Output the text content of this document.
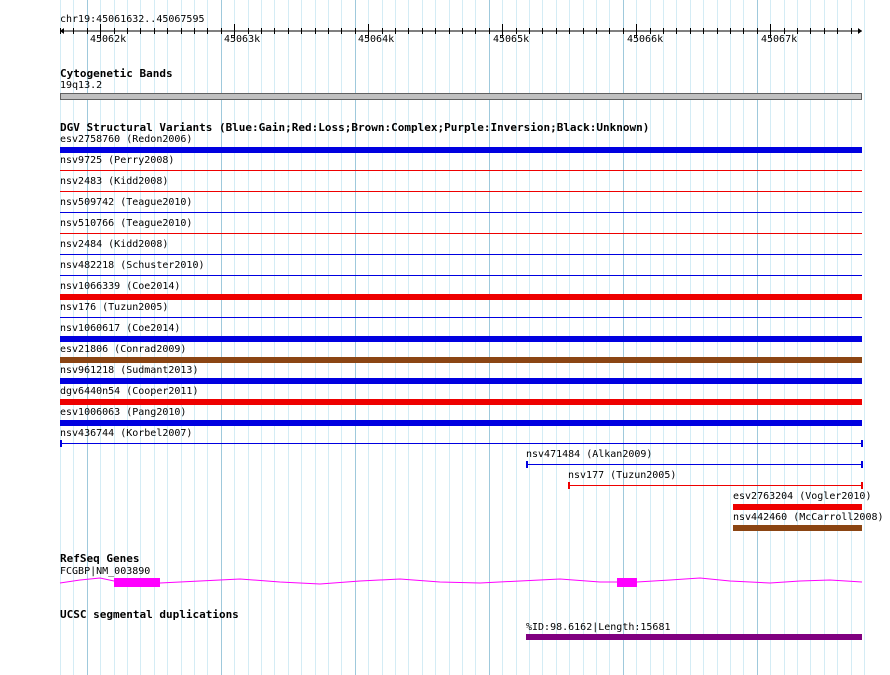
chr19:45061632..45067595
45062k	45063k	45064k	45065k	45066k	45067k
Cytogenetic Bands
19q13.2
DGV Structural Variants (Blue:Gain;Red:Loss;Brown:Complex;Purple:Inversion;Black:Unknown)
esv2758760 (Redon2006)
nsv9725 (Perry2008)
nsv2483 (Kidd2008)
nsv509742 (Teague2010)
nsv510766 (Teague2010)
nsv2484 (Kidd2008)
nsv482218 (Schuster2010)
nsv1066339 (Coe2014)
nsv176 (Tuzun2005)
nsv1060617 (Coe2014)
esv21806 (Conrad2009)
nsv961218 (Sudmant2013)
dgv6440n54 (Cooper2011)
esv1006063 (Pang2010)
nsv436744 (Korbel2007)
nsv471484 (Alkan2009)
nsv177 (Tuzun2005)
esv2763204 (Vogler2010)
nsv442460 (McCarroll2008)
RefSeq Genes
FCGBP|NM_003890
UCSC segmental duplications
%ID:98.6162|Length:15681
